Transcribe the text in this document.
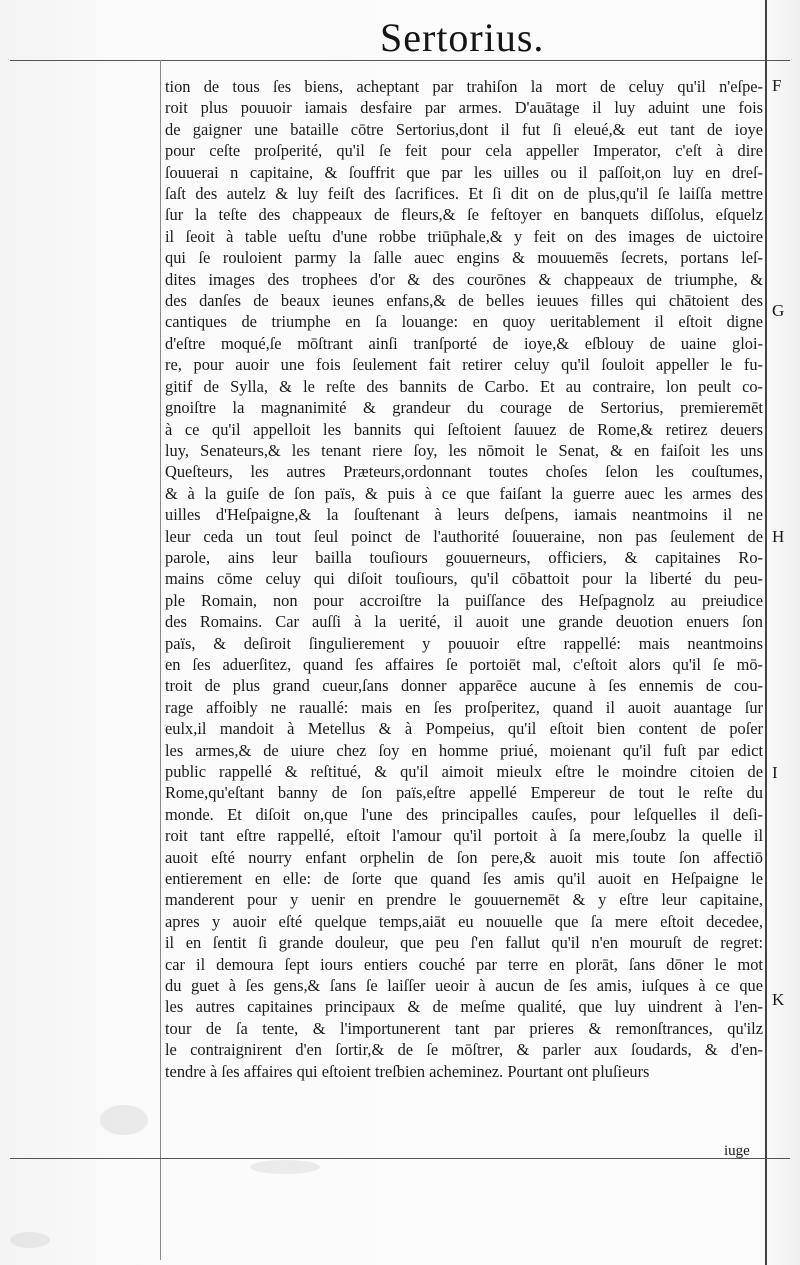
Sertorius.
tion de tous ſes biens, acheptant par trahiſon la mort de celuy qu'il n'eſpe-
roit plus pouuoir iamais desfaire par armes. D'auātage il luy aduint une fois
de gaigner une bataille cōtre Sertorius,dont il fut ſi eleué,& eut tant de ioye
pour ceſte proſperité, qu'il ſe feit pour cela appeller Imperator, c'eſt à dire
ſouuerai n capitaine, & ſouffrit que par les uilles ou il paſſoit,on luy en dreſ-
ſaſt des autelz & luy feiſt des ſacrifices. Et ſi dit on de plus,qu'il ſe laiſſa mettre
ſur la teſte des chappeaux de fleurs,& ſe feſtoyer en banquets diſſolus, eſquelz
il ſeoit à table ueſtu d'une robbe triūphale,& y feit on des images de uictoire
qui ſe rouloient parmy la ſalle auec engins & mouuemēs ſecrets, portans leſ-
dites images des trophees d'or & des courōnes & chappeaux de triumphe, &
des danſes de beaux ieunes enfans,& de belles ieuues filles qui chātoient des
cantiques de triumphe en ſa louange: en quoy ueritablement il eſtoit digne
d'eſtre moqué,ſe mōſtrant ainſi tranſporté de ioye,& eſblouy de uaine gloi-
re, pour auoir une fois ſeulement fait retirer celuy qu'il ſouloit appeller le fu-
gitif de Sylla, & le reſte des bannits de Carbo. Et au contraire, lon peult co-
gnoiſtre la magnanimité & grandeur du courage de Sertorius, premieremēt
à ce qu'il appelloit les bannits qui ſeſtoient ſauuez de Rome,& retirez deuers
luy, Senateurs,& les tenant riere ſoy, les nōmoit le Senat, & en faiſoit les uns
Queſteurs, les autres Præteurs,ordonnant toutes choſes ſelon les couſtumes,
& à la guiſe de ſon païs, & puis à ce que faiſant la guerre auec les armes des
uilles d'Heſpaigne,& la ſouſtenant à leurs deſpens, iamais neantmoins il ne
leur ceda un tout ſeul poinct de l'authorité ſouueraine, non pas ſeulement de
parole, ains leur bailla touſiours gouuerneurs, officiers, & capitaines Ro-
mains cōme celuy qui diſoit touſiours, qu'il cōbattoit pour la liberté du peu-
ple Romain, non pour accroiſtre la puiſſance des Heſpagnolz au preiudice
des Romains. Car auſſi à la uerité, il auoit une grande deuotion enuers ſon
païs, & deſiroit ſingulierement y pouuoir eſtre rappellé: mais neantmoins
en ſes aduerſitez, quand ſes affaires ſe portoiēt mal, c'eſtoit alors qu'il ſe mō-
troit de plus grand cueur,ſans donner apparēce aucune à ſes ennemis de cou-
rage affoibly ne rauallé: mais en ſes proſperitez, quand il auoit auantage ſur
eulx,il mandoit à Metellus & à Pompeius, qu'il eſtoit bien content de poſer
les armes,& de uiure chez ſoy en homme priué, moienant qu'il fuſt par edict
public rappellé & reſtitué, & qu'il aimoit mieulx eſtre le moindre citoien de
Rome,qu'eſtant banny de ſon païs,eſtre appellé Empereur de tout le reſte du
monde. Et diſoit on,que l'une des principalles cauſes, pour leſquelles il deſi-
roit tant eſtre rappellé, eſtoit l'amour qu'il portoit à ſa mere,ſoubz la quelle il
auoit eſté nourry enfant orphelin de ſon pere,& auoit mis toute ſon affectiō
entierement en elle: de ſorte que quand ſes amis qu'il auoit en Heſpaigne le
manderent pour y uenir en prendre le gouuernemēt & y eſtre leur capitaine,
apres y auoir eſté quelque temps,aiāt eu nouuelle que ſa mere eſtoit decedee,
il en ſentit ſi grande douleur, que peu ſ'en fallut qu'il n'en mouruſt de regret:
car il demoura ſept iours entiers couché par terre en plorāt, ſans dōner le mot
du guet à ſes gens,& ſans ſe laiſſer ueoir à aucun de ſes amis, iuſques à ce que
les autres capitaines principaux & de meſme qualité, que luy uindrent à l'en-
tour de ſa tente, & l'importunerent tant par prieres & remonſtrances, qu'ilz
le contraignirent d'en ſortir,& de ſe mōſtrer, & parler aux ſoudards, & d'en-
tendre à ſes affaires qui eſtoient treſbien acheminez. Pourtant ont pluſieurs
F
G
H
I
K
iuge
